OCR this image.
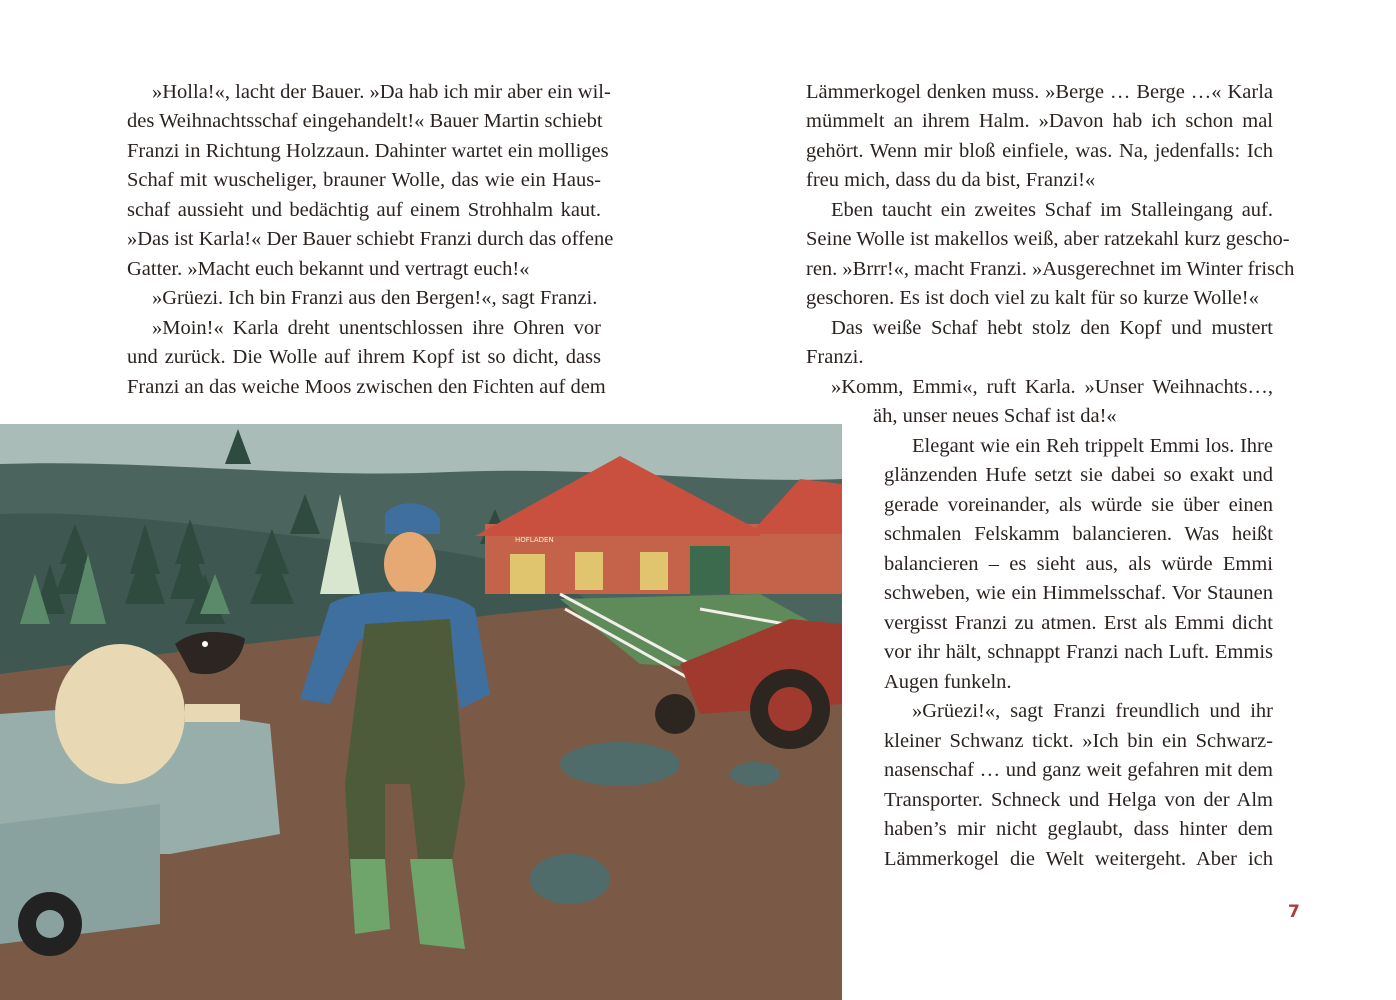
»Holla!«, lacht der Bauer. »Da hab ich mir aber ein wil-
des Weihnachtsschaf eingehandelt!« Bauer Martin schiebt
Franzi in Richtung Holzzaun. Dahinter wartet ein molliges
Schaf mit wuscheliger, brauner Wolle, das wie ein Haus-
schaf aussieht und bedächtig auf einem Strohhalm kaut.
»Das ist Karla!« Der Bauer schiebt Franzi durch das offene
Gatter. »Macht euch bekannt und vertragt euch!«
»Grüezi. Ich bin Franzi aus den Bergen!«, sagt Franzi.
»Moin!« Karla dreht unentschlossen ihre Ohren vor
und zurück. Die Wolle auf ihrem Kopf ist so dicht, dass
Franzi an das weiche Moos zwischen den Fichten auf dem
Lämmerkogel denken muss. »Berge … Berge …« Karla
mümmelt an ihrem Halm. »Davon hab ich schon mal
gehört. Wenn mir bloß einfiele, was. Na, jedenfalls: Ich
freu mich, dass du da bist, Franzi!«
Eben taucht ein zweites Schaf im Stalleingang auf.
Seine Wolle ist makellos weiß, aber ratzekahl kurz gescho-
ren. »Brrr!«, macht Franzi. »Ausgerechnet im Winter frisch
geschoren. Es ist doch viel zu kalt für so kurze Wolle!«
Das weiße Schaf hebt stolz den Kopf und mustert
Franzi.
»Komm, Emmi«, ruft Karla. »Unser Weihnachts…,
äh, unser neues Schaf ist da!«
Elegant wie ein Reh trippelt Emmi los. Ihre
glänzenden Hufe setzt sie dabei so exakt und
gerade voreinander, als würde sie über einen
schmalen Felskamm balancieren. Was heißt
balancieren – es sieht aus, als würde Emmi
schweben, wie ein Himmelsschaf. Vor Staunen
vergisst Franzi zu atmen. Erst als Emmi dicht
vor ihr hält, schnappt Franzi nach Luft. Emmis
Augen funkeln.
»Grüezi!«, sagt Franzi freundlich und ihr
kleiner Schwanz tickt. »Ich bin ein Schwarz-
nasenschaf … und ganz weit gefahren mit dem
Transporter. Schneck und Helga von der Alm
haben’s mir nicht geglaubt, dass hinter dem
Lämmerkogel die Welt weitergeht. Aber ich
HOFLADEN
7
